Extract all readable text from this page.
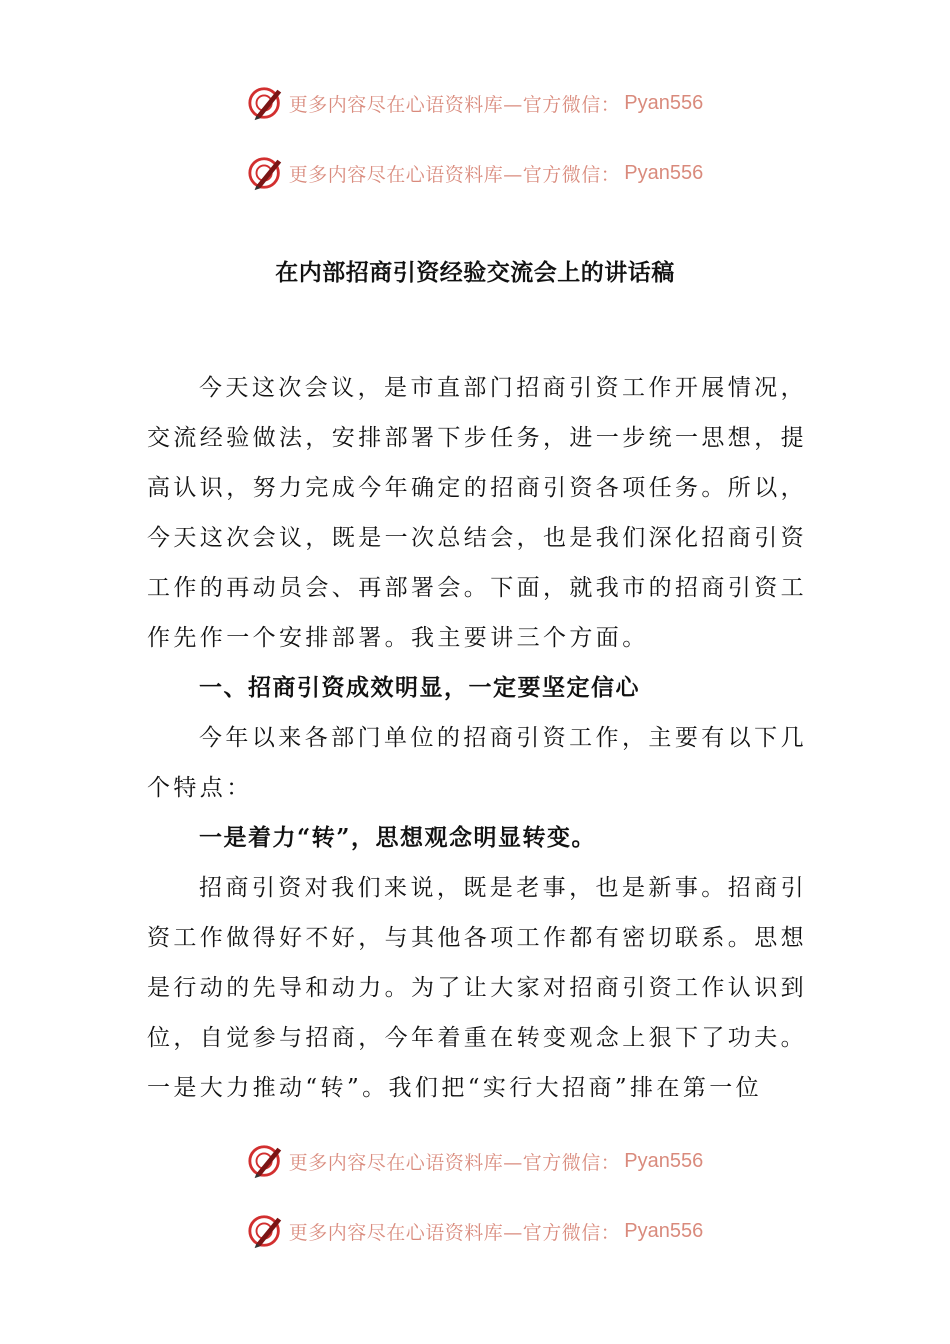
更多内容尽在心语资料库—官方微信： Pyan556
更多内容尽在心语资料库—官方微信： Pyan556
在内部招商引资经验交流会上的讲话稿

今天这次会议，是市直部门招商引资工作开展情况，交流经验做法，安排部署下步任务，进一步统一思想，提高认识，努力完成今年确定的招商引资各项任务。所以，今天这次会议，既是一次总结会，也是我们深化招商引资工作的再动员会、再部署会。下面，就我市的招商引资工作先作一个安排部署。我主要讲三个方面。

一、招商引资成效明显，一定要坚定信心

今年以来各部门单位的招商引资工作，主要有以下几个特点：

一是着力“转”，思想观念明显转变。

招商引资对我们来说，既是老事，也是新事。招商引资工作做得好不好，与其他各项工作都有密切联系。思想是行动的先导和动力。为了让大家对招商引资工作认识到位，自觉参与招商，今年着重在转变观念上狠下了功夫。一是大力推动“转”。我们把“实行大招商”排在第一位

更多内容尽在心语资料库—官方微信： Pyan556
更多内容尽在心语资料库—官方微信： Pyan556
